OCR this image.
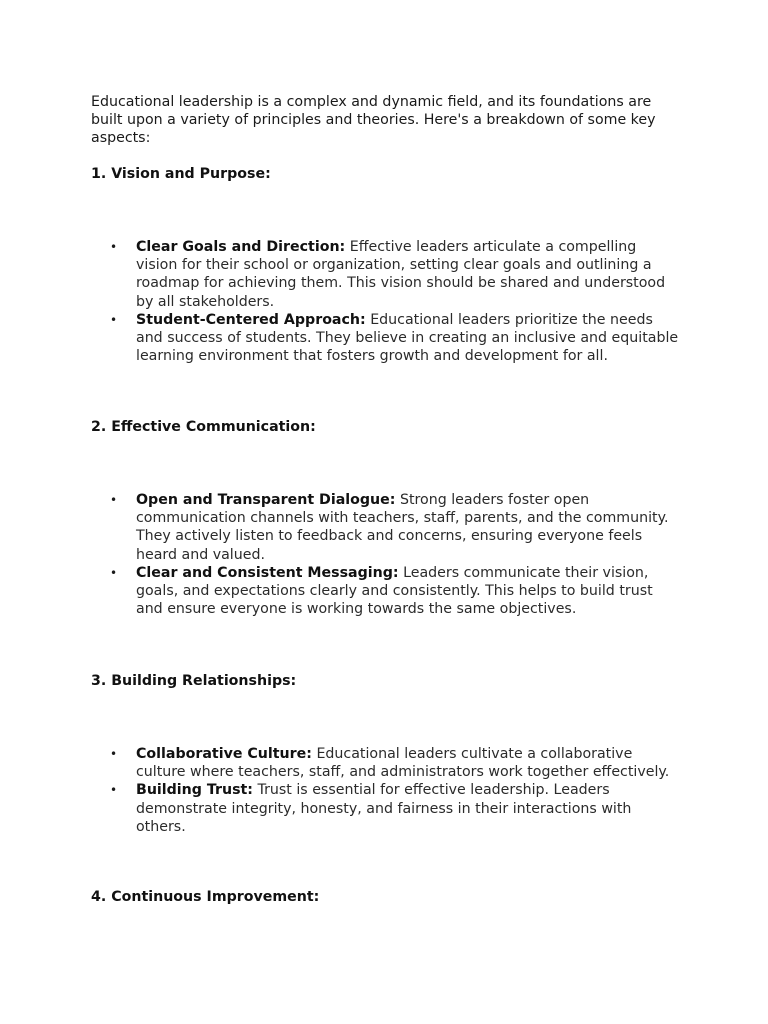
Educational leadership is a complex and dynamic field, and its foundations are built upon a variety of principles and theories. Here's a breakdown of some key aspects:

1. Vision and Purpose:
• Clear Goals and Direction: Effective leaders articulate a compelling vision for their school or organization, setting clear goals and outlining a roadmap for achieving them. This vision should be shared and understood by all stakeholders.
• Student-Centered Approach: Educational leaders prioritize the needs and success of students. They believe in creating an inclusive and equitable learning environment that fosters growth and development for all.
2. Effective Communication:
• Open and Transparent Dialogue: Strong leaders foster open communication channels with teachers, staff, parents, and the community. They actively listen to feedback and concerns, ensuring everyone feels heard and valued.
• Clear and Consistent Messaging: Leaders communicate their vision, goals, and expectations clearly and consistently. This helps to build trust and ensure everyone is working towards the same objectives.
3. Building Relationships:
• Collaborative Culture: Educational leaders cultivate a collaborative culture where teachers, staff, and administrators work together effectively.
• Building Trust: Trust is essential for effective leadership. Leaders demonstrate integrity, honesty, and fairness in their interactions with others.
4. Continuous Improvement:
